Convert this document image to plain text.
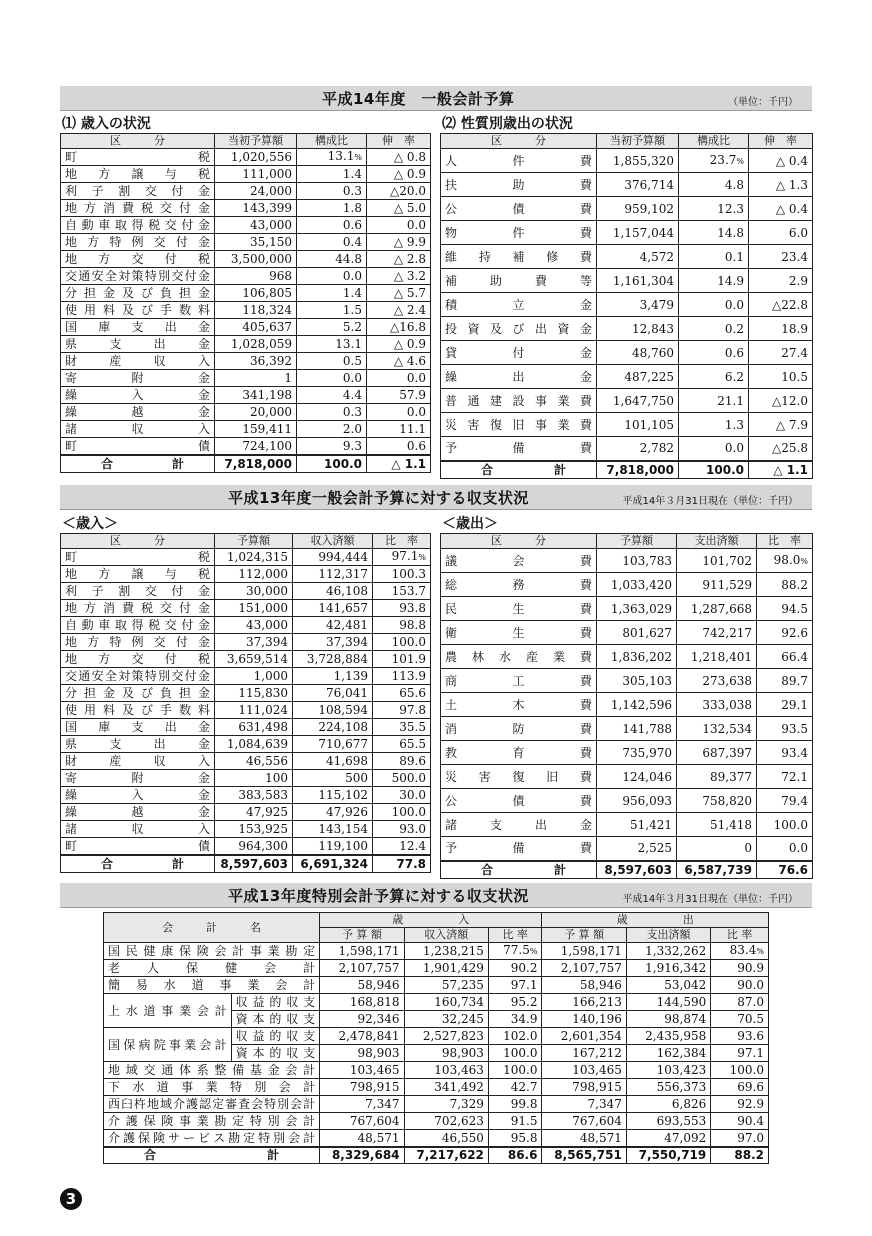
平成14年度　一般会計予算	（単位：千円）
⑴ 歳入の状況	⑵ 性質別歳出の状況
区　　　分	当初予算額	構成比	伸　率
町税	1,020,556	13.1%	△ 0.8
地方譲与税	111,000	1.4	△ 0.9
利子割交付金	24,000	0.3	△20.0
地方消費税交付金	143,399	1.8	△ 5.0
自動車取得税交付金	43,000	0.6	0.0
地方特例交付金	35,150	0.4	△ 9.9
地方交付税	3,500,000	44.8	△ 2.8
交通安全対策特別交付金	968	0.0	△ 3.2
分担金及び負担金	106,805	1.4	△ 5.7
使用料及び手数料	118,324	1.5	△ 2.4
国庫支出金	405,637	5.2	△16.8
県支出金	1,028,059	13.1	△ 0.9
財産収入	36,392	0.5	△ 4.6
寄附金	1	0.0	0.0
繰入金	341,198	4.4	57.9
繰越金	20,000	0.3	0.0
諸収入	159,411	2.0	11.1
町債	724,100	9.3	0.6
合　　　計	7,818,000	100.0	△ 1.1
区　　　分	当初予算額	構成比	伸　率
人件費	1,855,320	23.7%	△ 0.4
扶助費	376,714	4.8	△ 1.3
公債費	959,102	12.3	△ 0.4
物件費	1,157,044	14.8	6.0
維持補修費	4,572	0.1	23.4
補助費等	1,161,304	14.9	2.9
積立金	3,479	0.0	△22.8
投資及び出資金	12,843	0.2	18.9
貸付金	48,760	0.6	27.4
繰出金	487,225	6.2	10.5
普通建設事業費	1,647,750	21.1	△12.0
災害復旧事業費	101,105	1.3	△ 7.9
予備費	2,782	0.0	△25.8
合　　　計	7,818,000	100.0	△ 1.1
平成13年度一般会計予算に対する収支状況	平成14年３月31日現在（単位：千円）
＜歳入＞	＜歳出＞
区　　　分	予算額	収入済額	比　率
町税	1,024,315	994,444	97.1%
地方譲与税	112,000	112,317	100.3
利子割交付金	30,000	46,108	153.7
地方消費税交付金	151,000	141,657	93.8
自動車取得税交付金	43,000	42,481	98.8
地方特例交付金	37,394	37,394	100.0
地方交付税	3,659,514	3,728,884	101.9
交通安全対策特別交付金	1,000	1,139	113.9
分担金及び負担金	115,830	76,041	65.6
使用料及び手数料	111,024	108,594	97.8
国庫支出金	631,498	224,108	35.5
県支出金	1,084,639	710,677	65.5
財産収入	46,556	41,698	89.6
寄附金	100	500	500.0
繰入金	383,583	115,102	30.0
繰越金	47,925	47,926	100.0
諸収入	153,925	143,154	93.0
町債	964,300	119,100	12.4
合　　　計	8,597,603	6,691,324	77.8
区　　　分	予算額	支出済額	比　率
議会費	103,783	101,702	98.0%
総務費	1,033,420	911,529	88.2
民生費	1,363,029	1,287,668	94.5
衛生費	801,627	742,217	92.6
農林水産業費	1,836,202	1,218,401	66.4
商工費	305,103	273,638	89.7
土木費	1,142,596	333,038	29.1
消防費	141,788	132,534	93.5
教育費	735,970	687,397	93.4
災害復旧費	124,046	89,377	72.1
公債費	956,093	758,820	79.4
諸支出金	51,421	51,418	100.0
予備費	2,525	0	0.0
合　　　計	8,597,603	6,587,739	76.6
平成13年度特別会計予算に対する収支状況	平成14年３月31日現在（単位：千円）
会　　　計　　　名		歳　　　　　入			歳　　　　　出		
		予 算 額	収入済額	比 率	予 算 額	支出済額	比 率
国民健康保険会計事業勘定		1,598,171	1,238,215	77.5%	1,598,171	1,332,262	83.4%
老人保健会計		2,107,757	1,901,429	90.2	2,107,757	1,916,342	90.9
簡易水道事業会計		58,946	57,235	97.1	58,946	53,042	90.0
上水道事業会計	収益的収支	168,818	160,734	95.2	166,213	144,590	87.0
	資本的収支	92,346	32,245	34.9	140,196	98,874	70.5
国保病院事業会計	収益的収支	2,478,841	2,527,823	102.0	2,601,354	2,435,958	93.6
	資本的収支	98,903	98,903	100.0	167,212	162,384	97.1
地域交通体系整備基金会計		103,465	103,463	100.0	103,465	103,423	100.0
下水道事業特別会計		798,915	341,492	42.7	798,915	556,373	69.6
西臼杵地域介護認定審査会特別会計		7,347	7,329	99.8	7,347	6,826	92.9
介護保険事業勘定特別会計		767,604	702,623	91.5	767,604	693,553	90.4
介護保険サービス勘定特別会計		48,571	46,550	95.8	48,571	47,092	97.0
合　　　計		8,329,684	7,217,622	86.6	8,565,751	7,550,719	88.2
3
